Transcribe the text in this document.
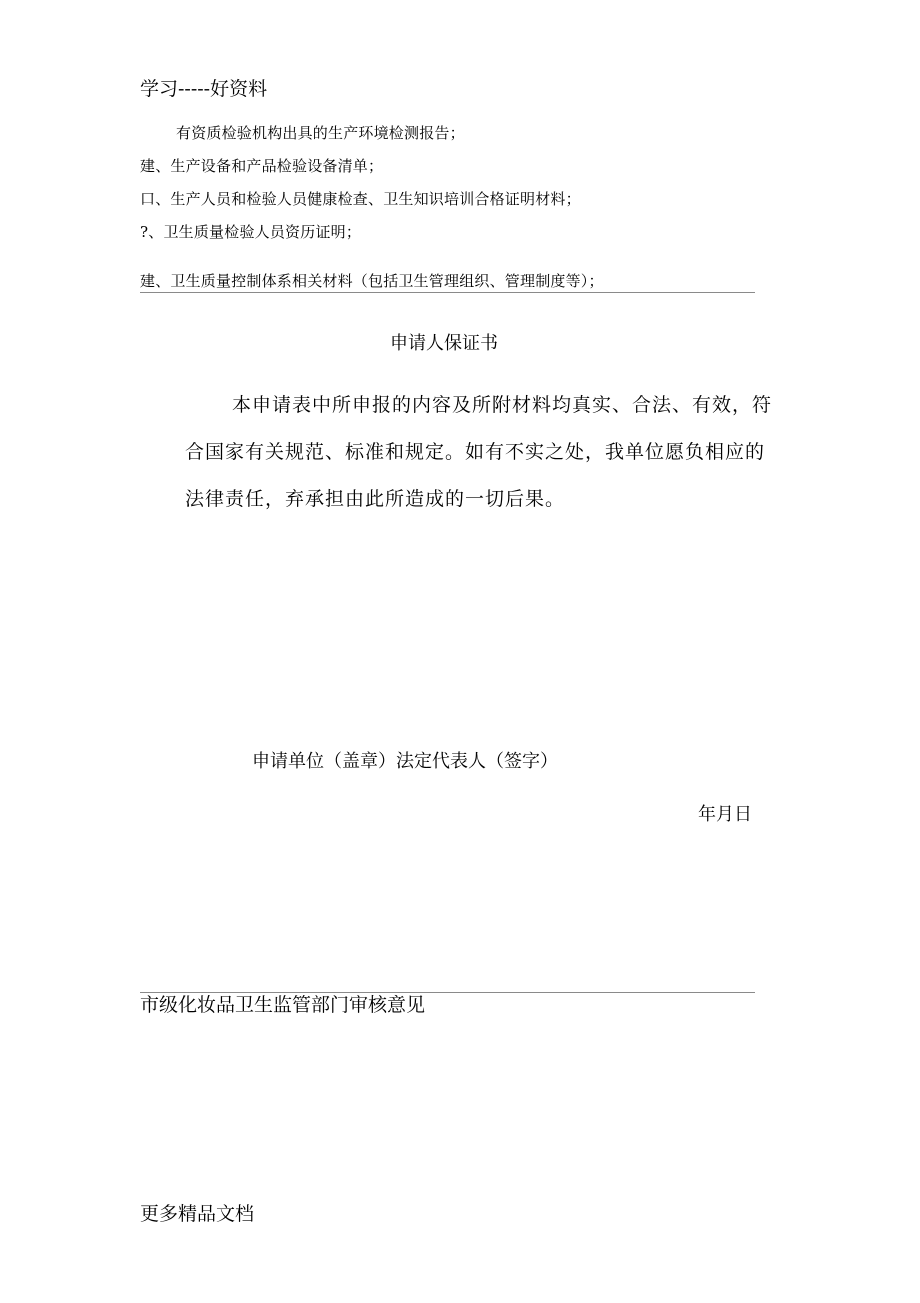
学习-----好资料
有资质检验机构出具的生产环境检测报告；
建、生产设备和产品检验设备清单；
口、生产人员和检验人员健康检查、卫生知识培训合格证明材料；
?、卫生质量检验人员资历证明；
建、卫生质量控制体系相关材料（包括卫生管理组织、管理制度等）；
申请人保证书
本申请表中所申报的内容及所附材料均真实、合法、有效，符
合国家有关规范、标准和规定。如有不实之处，我单位愿负相应的
法律责任，弃承担由此所造成的一切后果。
申请单位（盖章）法定代表人（签字）
年月日
市级化妆品卫生监管部门审核意见
更多精品文档
